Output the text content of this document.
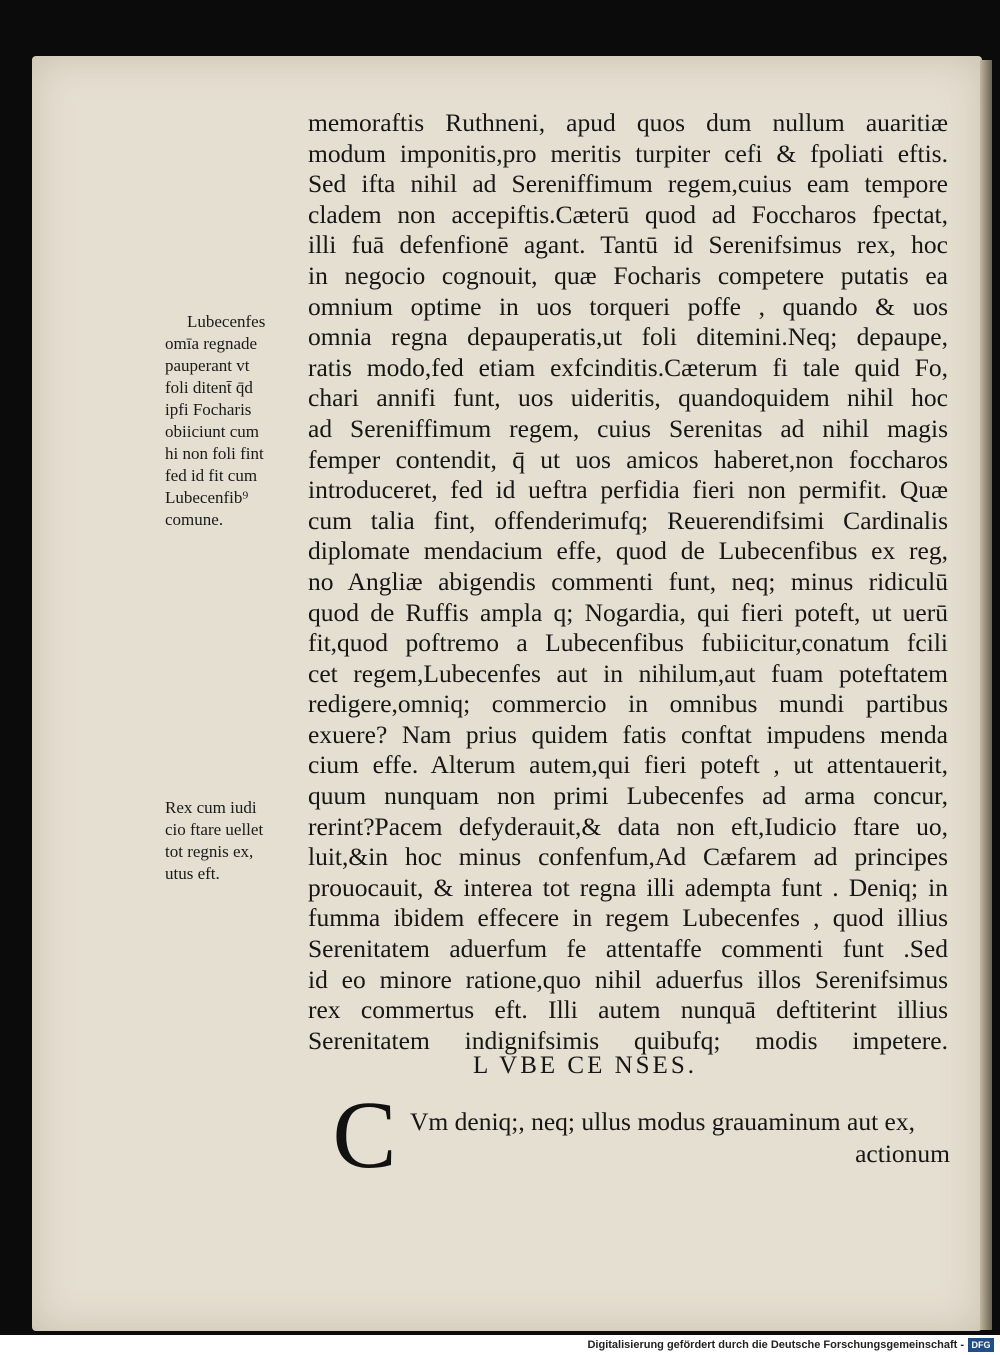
memoraftis Ruthneni, apud quos dum nullum auaritiæ
modum imponitis,pro meritis turpiter cefi & fpoliati eftis.
Sed ifta nihil ad Sereniffimum regem,cuius eam tempore
cladem non accepiftis.Cæterū quod ad Foccharos fpectat,
illi fuā defenfionē agant. Tantū id Serenifsimus rex, hoc
in negocio cognouit, quæ Focharis competere putatis ea
omnium optime in uos torqueri poffe , quando & uos
omnia regna depauperatis,ut foli ditemini.Neq; depaupe,
ratis modo,fed etiam exfcinditis.Cæterum fi tale quid Fo,
chari annifi funt, uos uideritis, quandoquidem nihil hoc
ad Sereniffimum regem, cuius Serenitas ad nihil magis
femper contendit, q̄ ut uos amicos haberet,non foccharos
introduceret, fed id ueftra perfidia fieri non permifit. Quæ
cum talia fint, offenderimufq; Reuerendifsimi Cardinalis
diplomate mendacium effe, quod de Lubecenfibus ex reg,
no Angliæ abigendis commenti funt, neq; minus ridiculū
quod de Ruffis ampla q; Nogardia, qui fieri poteft, ut uerū
fit,quod poftremo a Lubecenfibus fubiicitur,conatum fcili
cet regem,Lubecenfes aut in nihilum,aut fuam poteftatem
redigere,omniq; commercio in omnibus mundi partibus
exuere? Nam prius quidem fatis conftat impudens menda
cium effe. Alterum autem,qui fieri poteft , ut attentauerit,
quum nunquam non primi Lubecenfes ad arma concur,
rerint?Pacem defyderauit,& data non eft,Iudicio ftare uo,
luit,&in hoc minus confenfum,Ad Cæfarem ad principes
prouocauit, & interea tot regna illi adempta funt . Deniq; in
fumma ibidem effecere in regem Lubecenfes , quod illius
Serenitatem aduerfum fe attentaffe commenti funt .Sed
id eo minore ratione,quo nihil aduerfus illos Serenifsimus
rex commertus eft. Illi autem nunquā deftiterint illius
Serenitatem indignifsimis quibufq; modis impetere.
Lubecenfes
omīa regnade
pauperant vt
foli ditent̄ q̄d
ipfi Focharis
obiiciunt cum
hi non foli fint
fed id fit cum
Lubecenfib⁹
comune.
Rex cum iudi
cio ftare uellet
tot regnis ex,
utus eft.
L VBE CE NSES.
C Vm deniq;, neq; ullus modus grauaminum aut ex,
actionum
Digitalisierung gefördert durch die Deutsche Forschungsgemeinschaft - DFG
